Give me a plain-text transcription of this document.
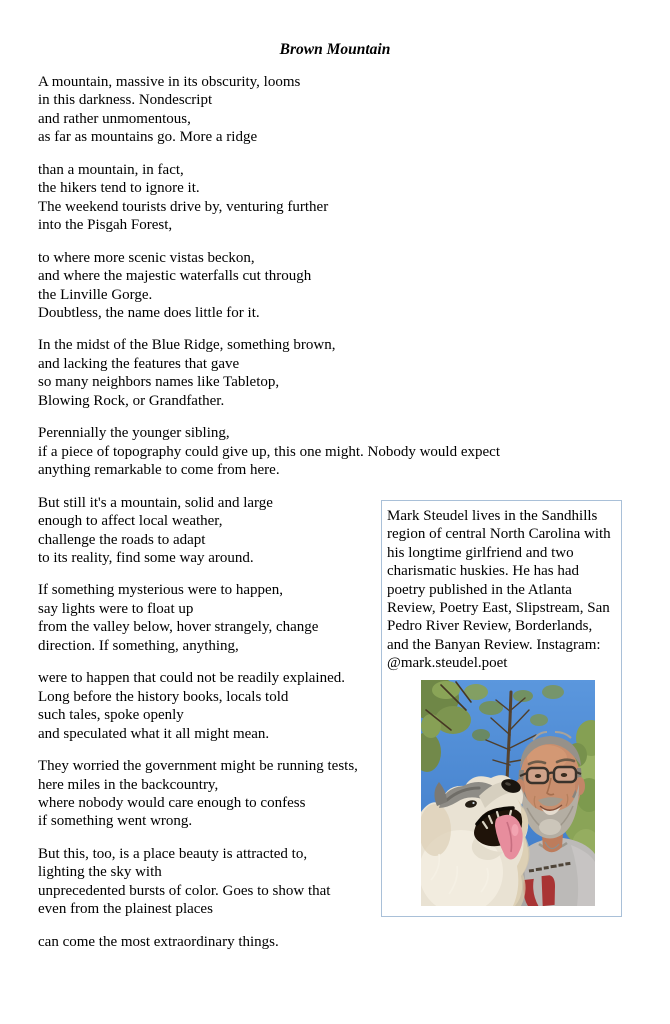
Brown Mountain
A mountain, massive in its obscurity, looms
in this darkness. Nondescript
and rather unmomentous,
as far as mountains go. More a ridge
than a mountain, in fact,
the hikers tend to ignore it.
The weekend tourists drive by, venturing further
into the Pisgah Forest,
to where more scenic vistas beckon,
and where the majestic waterfalls cut through
the Linville Gorge.
Doubtless, the name does little for it.
In the midst of the Blue Ridge, something brown,
and lacking the features that gave
so many neighbors names like Tabletop,
Blowing Rock, or Grandfather.
Perennially the younger sibling,
if a piece of topography could give up, this one might. Nobody would expect
anything remarkable to come from here.
But still it's a mountain, solid and large
enough to affect local weather,
challenge the roads to adapt
to its reality, find some way around.
If something mysterious were to happen,
say lights were to float up
from the valley below, hover strangely, change
direction. If something, anything,
were to happen that could not be readily explained.
Long before the history books, locals told
such tales, spoke openly
and speculated what it all might mean.
They worried the government might be running tests,
here miles in the backcountry,
where nobody would care enough to confess
if something went wrong.
But this, too, is a place beauty is attracted to,
lighting the sky with
unprecedented bursts of color. Goes to show that
even from the plainest places
can come the most extraordinary things.
Mark Steudel lives in the Sandhills
region of central North Carolina with
his longtime girlfriend and two
charismatic huskies. He has had
poetry published in the Atlanta
Review, Poetry East, Slipstream, San
Pedro River Review, Borderlands,
and the Banyan Review. Instagram:
@mark.steudel.poet
